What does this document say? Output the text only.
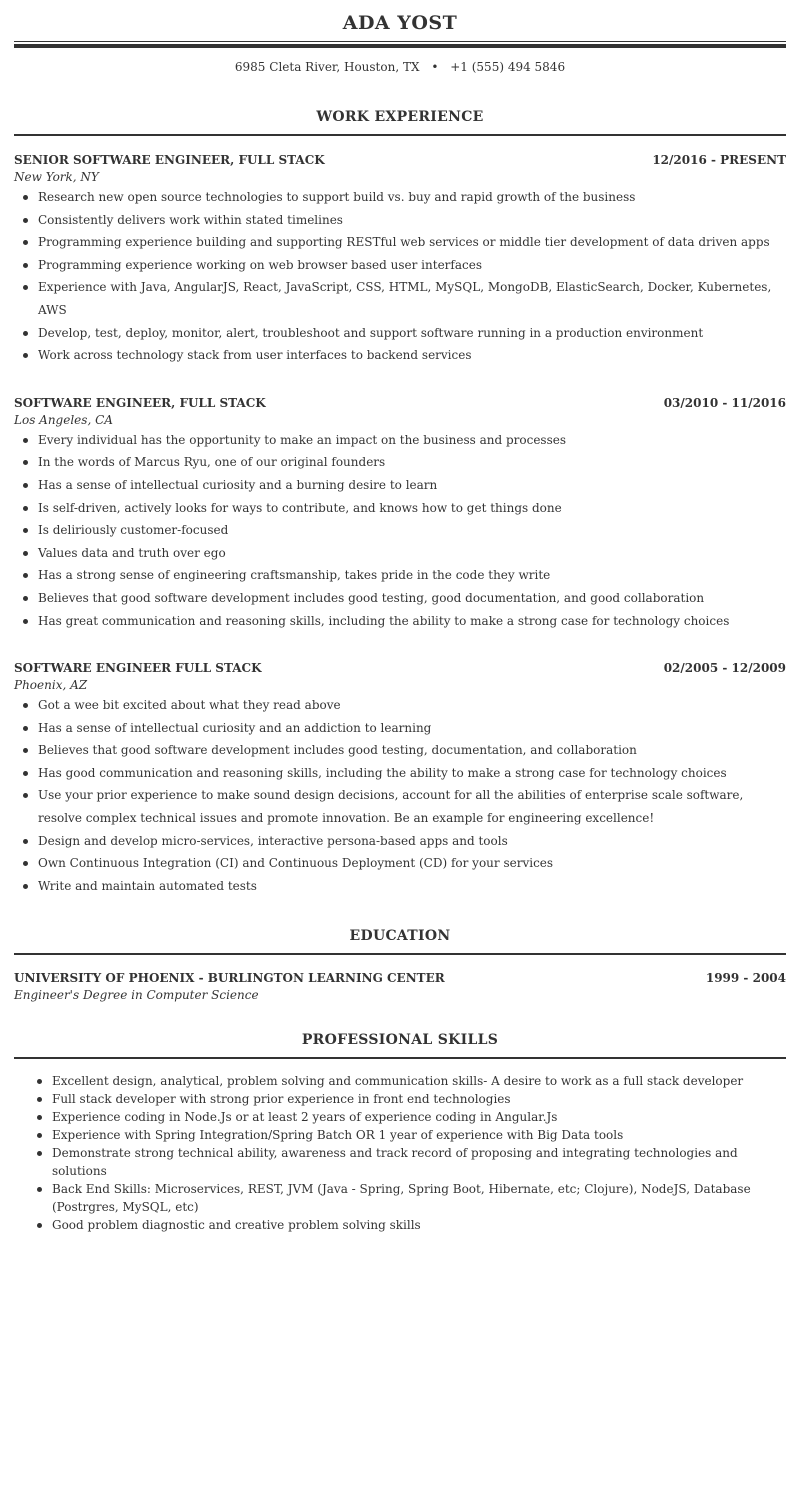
ADA YOST
6985 Cleta River, Houston, TX • +1 (555) 494 5846
WORK EXPERIENCE
SENIOR SOFTWARE ENGINEER, FULL STACK	12/2016 - PRESENT
New York, NY
Research new open source technologies to support build vs. buy and rapid growth of the business
Consistently delivers work within stated timelines
Programming experience building and supporting RESTful web services or middle tier development of data driven apps
Programming experience working on web browser based user interfaces
Experience with Java, AngularJS, React, JavaScript, CSS, HTML, MySQL, MongoDB, ElasticSearch, Docker, Kubernetes, AWS
Develop, test, deploy, monitor, alert, troubleshoot and support software running in a production environment
Work across technology stack from user interfaces to backend services
SOFTWARE ENGINEER, FULL STACK	03/2010 - 11/2016
Los Angeles, CA
Every individual has the opportunity to make an impact on the business and processes
In the words of Marcus Ryu, one of our original founders
Has a sense of intellectual curiosity and a burning desire to learn
Is self-driven, actively looks for ways to contribute, and knows how to get things done
Is deliriously customer-focused
Values data and truth over ego
Has a strong sense of engineering craftsmanship, takes pride in the code they write
Believes that good software development includes good testing, good documentation, and good collaboration
Has great communication and reasoning skills, including the ability to make a strong case for technology choices
SOFTWARE ENGINEER FULL STACK	02/2005 - 12/2009
Phoenix, AZ
Got a wee bit excited about what they read above
Has a sense of intellectual curiosity and an addiction to learning
Believes that good software development includes good testing, documentation, and collaboration
Has good communication and reasoning skills, including the ability to make a strong case for technology choices
Use your prior experience to make sound design decisions, account for all the abilities of enterprise scale software, resolve complex technical issues and promote innovation. Be an example for engineering excellence!
Design and develop micro-services, interactive persona-based apps and tools
Own Continuous Integration (CI) and Continuous Deployment (CD) for your services
Write and maintain automated tests
EDUCATION
UNIVERSITY OF PHOENIX - BURLINGTON LEARNING CENTER	1999 - 2004
Engineer's Degree in Computer Science
PROFESSIONAL SKILLS
Excellent design, analytical, problem solving and communication skills- A desire to work as a full stack developer
Full stack developer with strong prior experience in front end technologies
Experience coding in Node.Js or at least 2 years of experience coding in Angular.Js
Experience with Spring Integration/Spring Batch OR 1 year of experience with Big Data tools
Demonstrate strong technical ability, awareness and track record of proposing and integrating technologies and solutions
Back End Skills: Microservices, REST, JVM (Java - Spring, Spring Boot, Hibernate, etc; Clojure), NodeJS, Database (Postrgres, MySQL, etc)
Good problem diagnostic and creative problem solving skills
